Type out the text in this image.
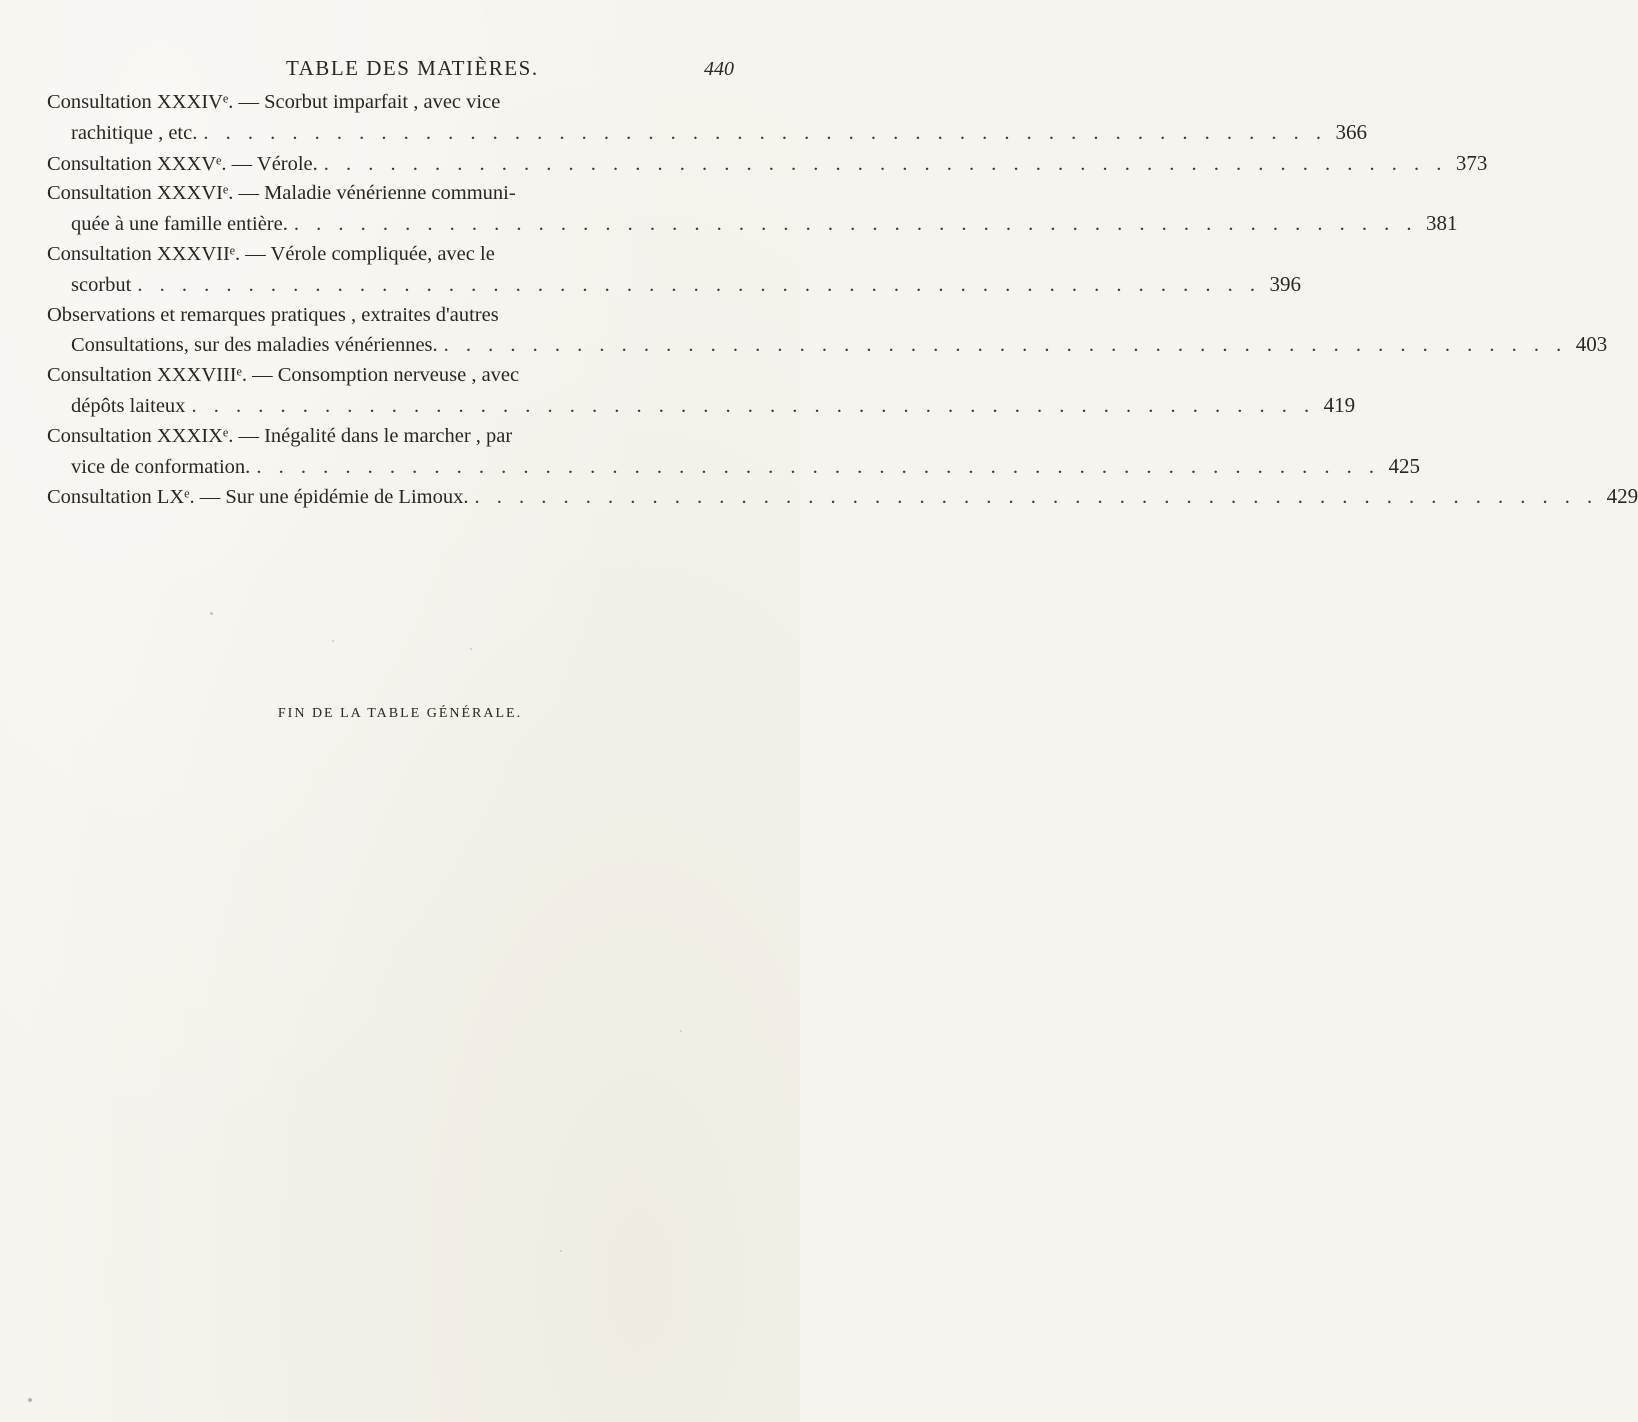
TABLE DES MATIÈRES.	440
Consultation XXXIVᵉ. — Scorbut imparfait , avec vice
rachitique , etc. . . .	366
Consultation XXXVᵉ. — Vérole. . . .	373
Consultation XXXVIᵉ. — Maladie vénérienne communi-
quée à une famille entière. . . .	381
Consultation XXXVIIᵉ. — Vérole compliquée, avec le
scorbut . . .	396
Observations et remarques pratiques , extraites d'autres
Consultations, sur des maladies vénériennes. . . .	403
Consultation XXXVIIIᵉ. — Consomption nerveuse , avec
dépôts laiteux . . .	419
Consultation XXXIXᵉ. — Inégalité dans le marcher , par
vice de conformation. . . .	425
Consultation LXᵉ. — Sur une épidémie de Limoux. . . .	429
FIN DE LA TABLE GÉNÉRALE.
